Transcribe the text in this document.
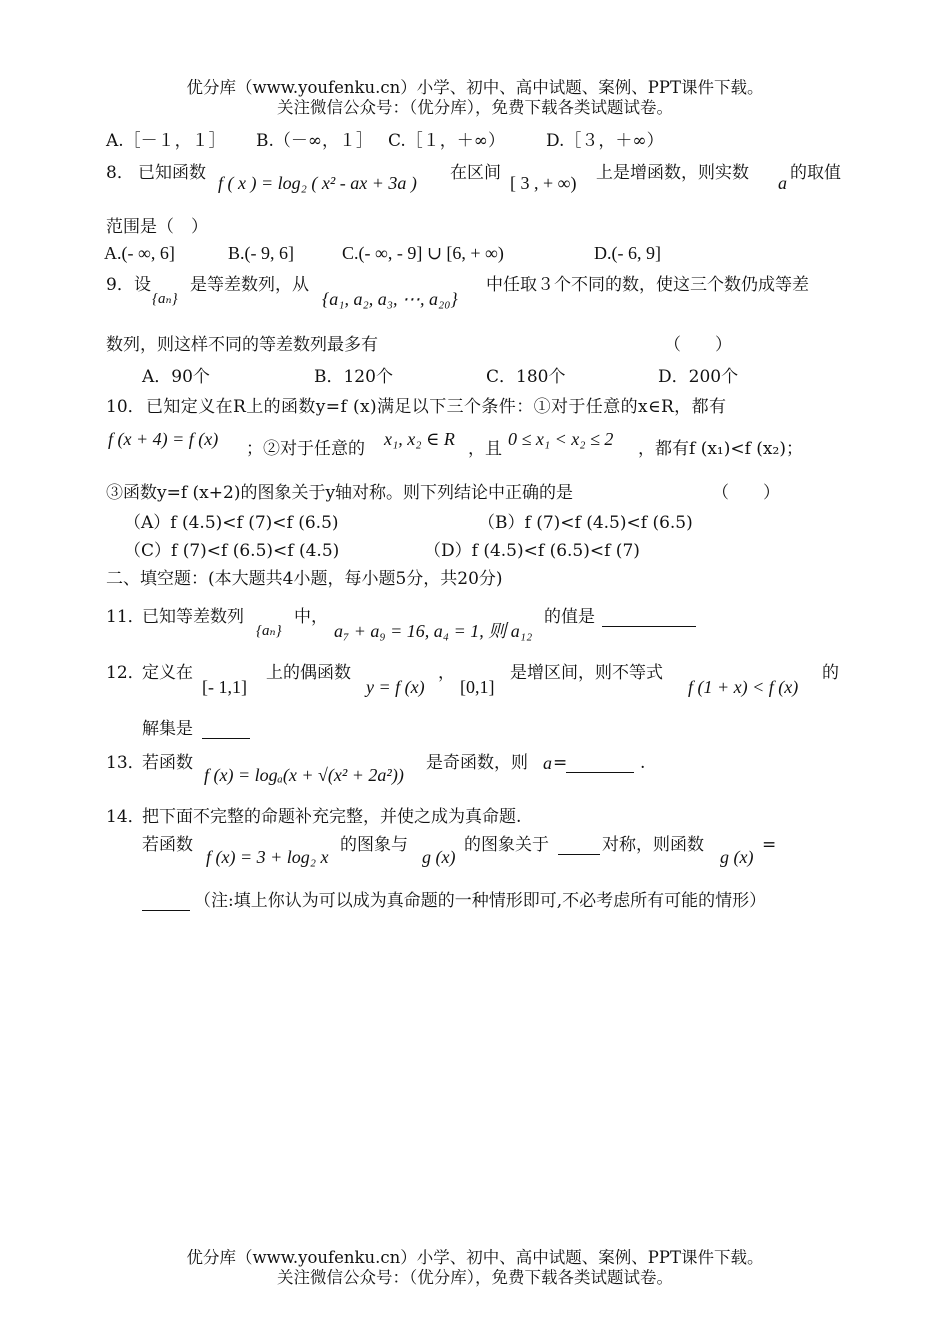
优分库（www.youfenku.cn）小学、初中、高中试题、案例、PPT课件下载。
关注微信公众号：（优分库），免费下载各类试题试卷。
A.［－１，１］ B.（－∞，１］ C.［１，＋∞） D.［３，＋∞）
8． 已知函数 f ( x ) = log₂ ( x² - ax + 3a ) 在区间 [ 3 , + ∞) 上是增函数，则实数 a 的取值
范围是（　）
A.(- ∞, 6]	B.(- 9, 6]	C.(- ∞, - 9] ∪ [6, + ∞)	D.(- 6, 9]
9． 设
{aₙ}
是等差数列，从
{a₁, a₂, a₃, ⋯, a₂₀}
中任取３个不同的数，使这三个数仍成等差
数列，则这样不同的等差数列最多有	（　　）
A．90个	B．120个	C．180个	D．200个
10． 已知定义在R上的函数y=f (x)满足以下三个条件：①对于任意的x∈R，都有
f (x + 4) = f (x) ；②对于任意的 x₁, x₂ ∈ R ，且 0 ≤ x₁ < x₂ ≤ 2 ，都有f (x₁)<f (x₂)；
③函数y=f (x+2)的图象关于y轴对称。则下列结论中正确的是	（　　）
（A）f (4.5)<f (7)<f (6.5)	（B）f (7)<f (4.5)<f (6.5)
（C）f (7)<f (6.5)<f (4.5)	（D）f (4.5)<f (6.5)<f (7)
二、填空题：(本大题共4小题，每小题5分，共20分)
11．
已知等差数列
{aₙ}
中，
a₇ + a₉ = 16, a₄ = 1, 则 a₁₂
的值是
12．
定义在
[- 1,1]
上的偶函数
y = f (x)
，
[0,1]
是增区间，则不等式
f (1 + x) < f (x)
的
解集是
13．
若函数
f (x) = logₐ(x + √(x² + 2a²))
是奇函数，则 a =	.
14．
把下面不完整的命题补充完整，并使之成为真命题.
若函数
f (x) = 3 + log₂ x
的图象与
g (x)
的图象关于	对称，则函数
g (x)
=
（注:填上你认为可以成为真命题的一种情形即可,不必考虑所有可能的情形）
优分库（www.youfenku.cn）小学、初中、高中试题、案例、PPT课件下载。
关注微信公众号：（优分库），免费下载各类试题试卷。
